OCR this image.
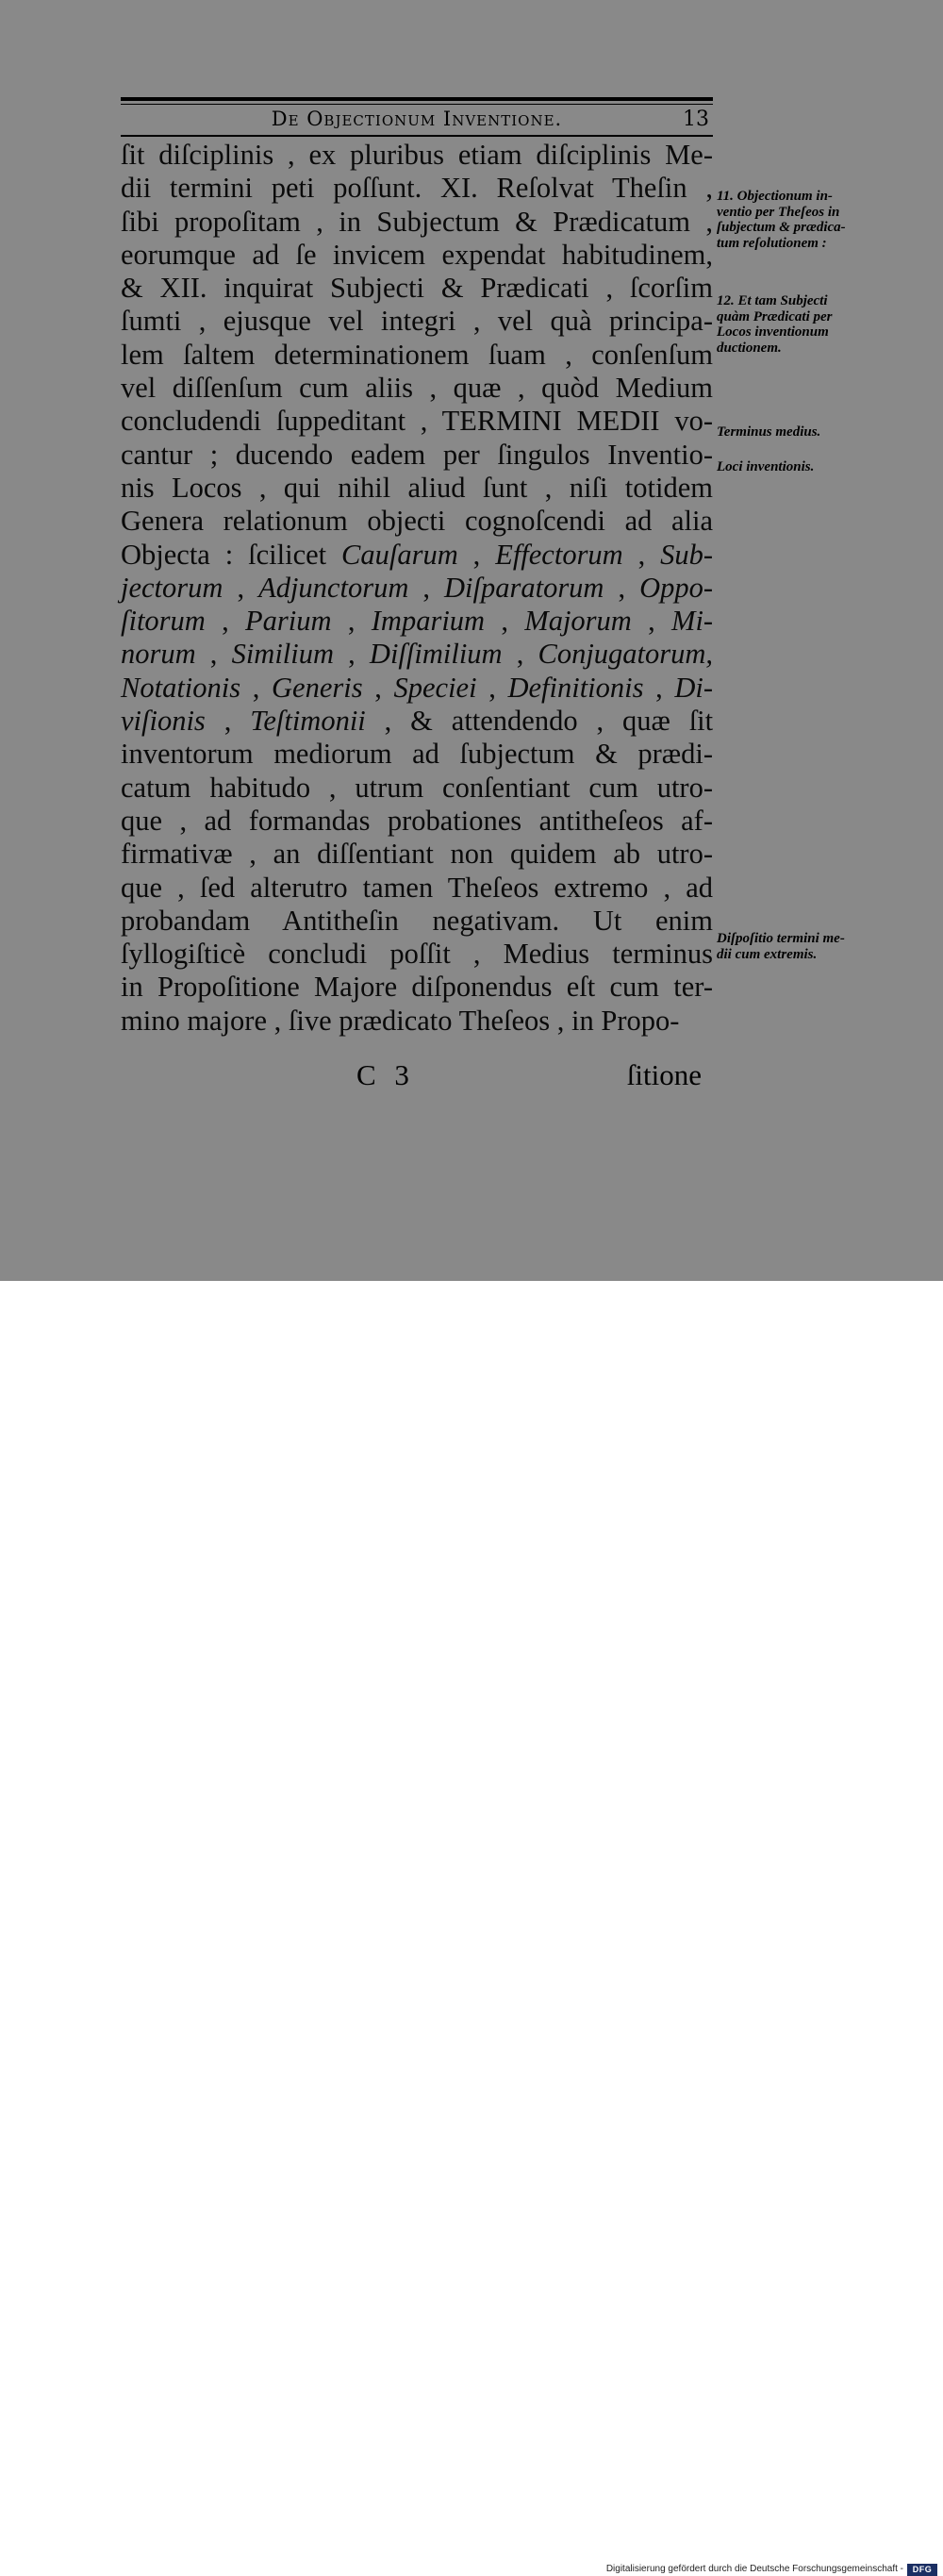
De Objectionum Inventione.	13
ſit diſciplinis , ex pluribus etiam diſciplinis Me-
dii termini peti poſſunt. XI. Reſolvat Theſin ,
ſibi propoſitam , in Subjectum & Prædicatum ,
eorumque ad ſe invicem expendat habitudinem,
& XII. inquirat Subjecti & Prædicati , ſcorſim
ſumti , ejusque vel integri , vel quà principa-
lem ſaltem determinationem ſuam , conſenſum
vel diſſenſum cum aliis , quæ , quòd Medium
concludendi ſuppeditant , TERMINI MEDII vo-
cantur ; ducendo eadem per ſingulos Inventio-
nis Locos , qui nihil aliud ſunt , niſi totidem
Genera relationum objecti cognoſcendi ad alia
Objecta : ſcilicet Cauſarum , Effectorum , Sub-
jectorum , Adjunctorum , Diſparatorum , Oppo-
ſitorum , Parium , Imparium , Majorum , Mi-
norum , Similium , Diſſimilium , Conjugatorum,
Notationis , Generis , Speciei , Definitionis , Di-
viſionis , Teſtimonii , & attendendo , quæ ſit
inventorum mediorum ad ſubjectum & prædi-
catum habitudo , utrum conſentiant cum utro-
que , ad formandas probationes antitheſeos af-
firmativæ , an diſſentiant non quidem ab utro-
que , ſed alterutro tamen Theſeos extremo , ad
probandam Antitheſin negativam. Ut enim
ſyllogiſticè concludi poſſit , Medius terminus
in Propoſitione Majore diſponendus eſt cum ter-
mino majore , ſive prædicato Theſeos , in Propo-
C 3	ſitione
11. Objectionum in-
ventio per Theſeos in
ſubjectum & prædica-
tum reſolutionem :
12. Et tam Subjecti
quàm Prædicati per
Locos inventionum
ductionem.
Terminus medius.
Loci inventionis.
Diſpoſitio termini me-
dii cum extremis.
Digitalisierung gefördert durch die Deutsche Forschungsgemeinschaft -	DFG
